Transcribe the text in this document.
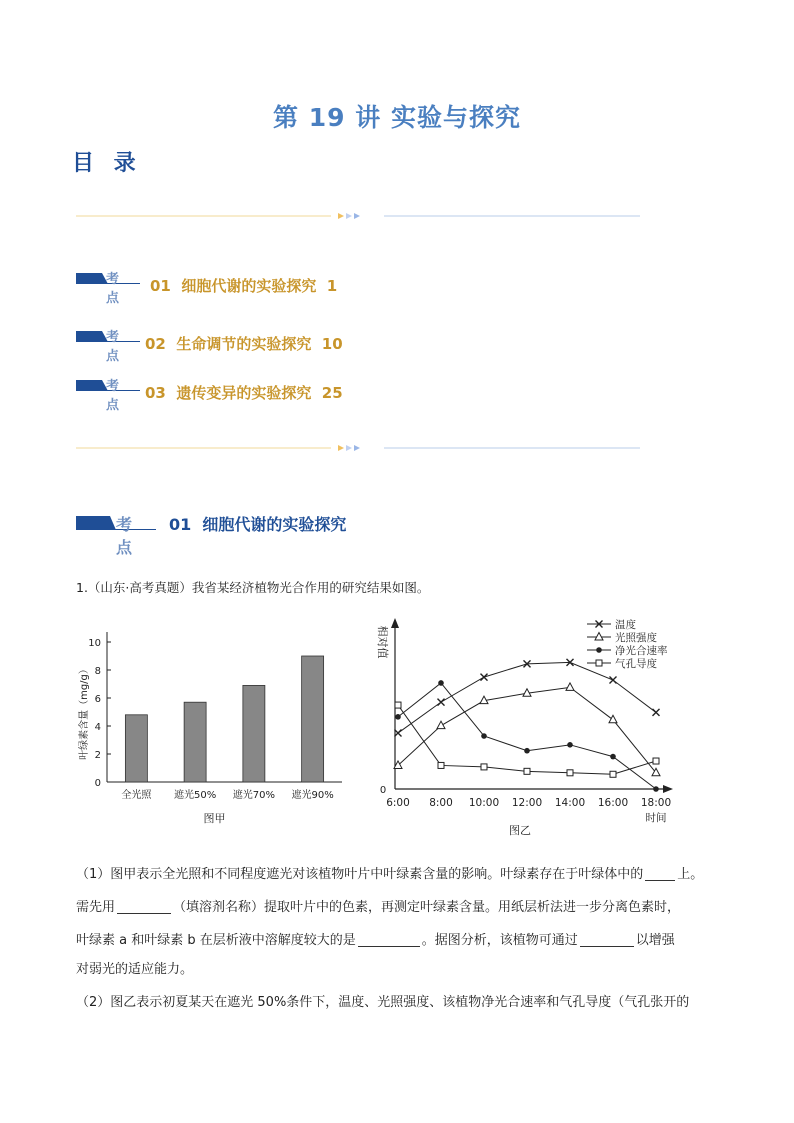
第 19 讲 实验与探究
目 录
考点
01 细胞代谢的实验探究 1
考点
02 生命调节的实验探究 10
考点
03 遗传变异的实验探究 25
考点
01 细胞代谢的实验探究
1.（山东·高考真题）我省某经济植物光合作用的研究结果如图。
0
2
4
6
8
10
全光照 遮光50% 遮光70% 遮光90%
叶绿素含量（mg/g）
图甲
0
相对值
6:00 8:00 10:00 12:00 14:00 16:00 18:00
时间
图乙
温度
光照强度
净光合速率
气孔导度
（1）图甲表示全光照和不同程度遮光对该植物叶片中叶绿素含量的影响。叶绿素存在于叶绿体中的	上。
需先用	（填溶剂名称）提取叶片中的色素，再测定叶绿素含量。用纸层析法进一步分离色素时，
叶绿素 a 和叶绿素 b 在层析液中溶解度较大的是	。据图分析，该植物可通过	以增强
对弱光的适应能力。
（2）图乙表示初夏某天在遮光 50%条件下，温度、光照强度、该植物净光合速率和气孔导度（气孔张开的
